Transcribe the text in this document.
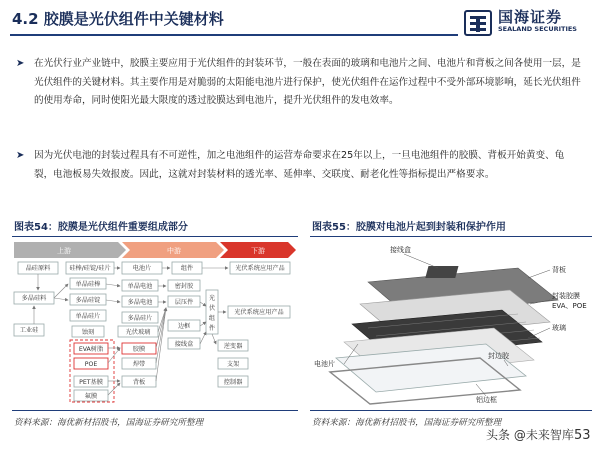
4.2 胶膜是光伏组件中关键材料	国海证券
SEALAND SECURITIES
➤ 在光伏行业产业链中，胶膜主要应用于光伏组件的封装环节，一般在表面的玻璃和电池片之间、电池片和背板之间各使用一层，是光伏组件的关键材料。其主要作用是对脆弱的太阳能电池片进行保护，使光伏组件在运作过程中不受外部环境影响，延长光伏组件的使用寿命，同时使阳光最大限度的透过胶膜达到电池片，提升光伏组件的发电效率。
➤ 因为光伏电池的封装过程具有不可逆性，加之电池组件的运营寿命要求在25年以上，一旦电池组件的胶膜、背板开始黄变、龟裂，电池板易失效报废。因此，这就对封装材料的透光率、延伸率、交联度、耐老化性等指标提出严格要求。
图表54：胶膜是光伏组件重要组成部分
上游	中游	下游
晶硅原料
多晶硅料
工业硅
硅棒/硅锭/硅片
单晶硅棒
多晶硅锭
单晶硅片
电池片
单晶电池
多晶电池
多晶硅片
组件
密封胶
层压件
边框
接线盒
光
伏
组
件
光伏系统应用产品
光伏系统应用产品
逆变器
支架
控制器
蚀刻	光伏玻璃
EVA树脂
POE
PET基膜
氟膜
胶膜
焊带
背板
图表55：胶膜对电池片起到封装和保护作用
接线盒
背板
封装胶膜
EVA、POE
玻璃
电池片
封边胶
铝边框
资料来源：海优新材招股书，国海证券研究所整理	资料来源：海优新材招股书，国海证券研究所整理
头条 @未来智库 53
